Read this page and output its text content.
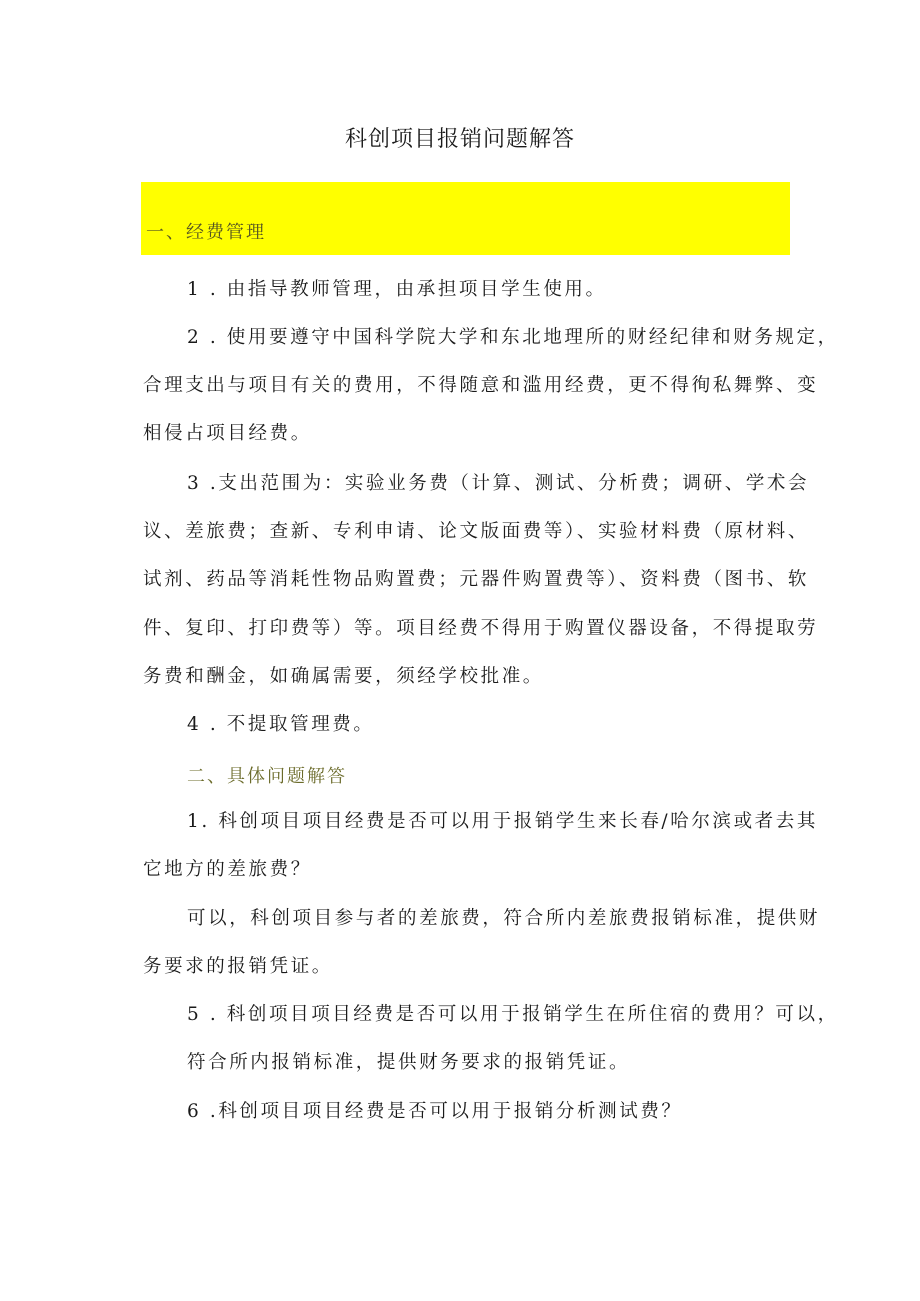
科创项目报销问题解答
一、经费管理
1 . 由指导教师管理，由承担项目学生使用。
2 . 使用要遵守中国科学院大学和东北地理所的财经纪律和财务规定，
合理支出与项目有关的费用，不得随意和滥用经费，更不得徇私舞弊、变
相侵占项目经费。
3 .支出范围为：实验业务费（计算、测试、分析费；调研、学术会
议、差旅费；查新、专利申请、论文版面费等）、实验材料费（原材料、
试剂、药品等消耗性物品购置费；元器件购置费等）、资料费（图书、软
件、复印、打印费等）等。项目经费不得用于购置仪器设备，不得提取劳
务费和酬金，如确属需要，须经学校批准。
4 . 不提取管理费。
二、具体问题解答
1. 科创项目项目经费是否可以用于报销学生来长春/哈尔滨或者去其
它地方的差旅费？
可以，科创项目参与者的差旅费，符合所内差旅费报销标准，提供财
务要求的报销凭证。
5 . 科创项目项目经费是否可以用于报销学生在所住宿的费用？可以，
符合所内报销标准，提供财务要求的报销凭证。
6 .科创项目项目经费是否可以用于报销分析测试费？
